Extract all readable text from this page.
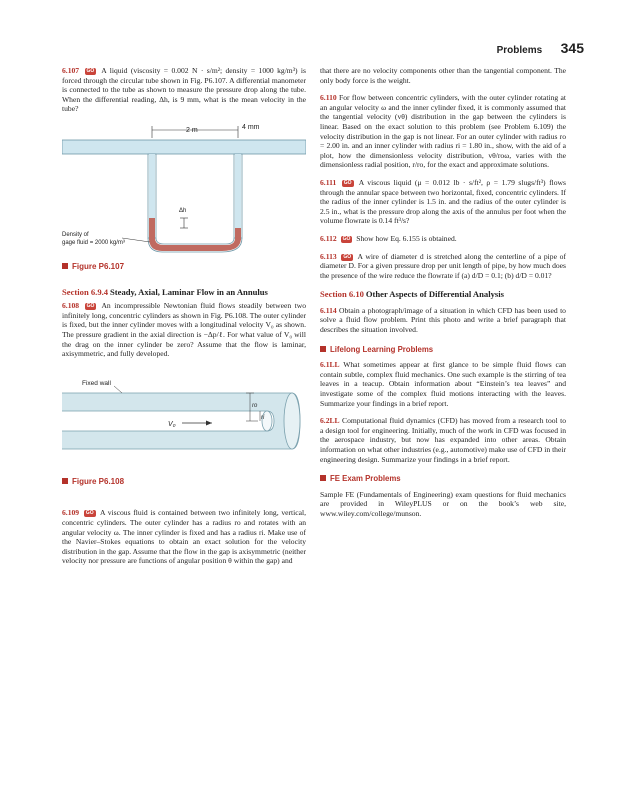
Problems 345

6.107 GO A liquid (viscosity = 0.002 N · s/m²; density = 1000 kg/m³) is forced through the circular tube shown in Fig. P6.107. A differential manometer is connected to the tube as shown to measure the pressure drop along the tube. When the differential reading, Δh, is 9 mm, what is the mean velocity in the tube?

2 m	4 mm
Δh
Density of
gage fluid = 2000 kg/m³
Figure P6.107

Section 6.9.4 Steady, Axial, Laminar Flow in an Annulus

6.108 GO An incompressible Newtonian fluid flows steadily between two infinitely long, concentric cylinders as shown in Fig. P6.108. The outer cylinder is fixed, but the inner cylinder moves with a longitudinal velocity V₀ as shown. The pressure gradient in the axial direction is −Δp/ℓ. For what value of V₀ will the drag on the inner cylinder be zero? Assume that the flow is laminar, axisymmetric, and fully developed.

Fixed wall
V₀
ro
ri
Figure P6.108

6.109 GO A viscous fluid is contained between two infinitely long, vertical, concentric cylinders. The outer cylinder has a radius ro and rotates with an angular velocity ω. The inner cylinder is fixed and has a radius ri. Make use of the Navier–Stokes equations to obtain an exact solution for the velocity distribution in the gap. Assume that the flow in the gap is axisymmetric (neither velocity nor pressure are functions of angular position θ within the gap) and

that there are no velocity components other than the tangential component. The only body force is the weight.

6.110 For flow between concentric cylinders, with the outer cylinder rotating at an angular velocity ω and the inner cylinder fixed, it is commonly assumed that the tangential velocity (vθ) distribution in the gap between the cylinders is linear. Based on the exact solution to this problem (see Problem 6.109) the velocity distribution in the gap is not linear. For an outer cylinder with radius ro = 2.00 in. and an inner cylinder with radius ri = 1.80 in., show, with the aid of a plot, how the dimensionless velocity distribution, vθ/roω, varies with the dimensionless radial position, r/ro, for the exact and approximate solutions.

6.111 GO A viscous liquid (μ = 0.012 lb · s/ft², ρ = 1.79 slugs/ft³) flows through the annular space between two horizontal, fixed, concentric cylinders. If the radius of the inner cylinder is 1.5 in. and the radius of the outer cylinder is 2.5 in., what is the pressure drop along the axis of the annulus per foot when the volume flowrate is 0.14 ft³/s?

6.112 GO Show how Eq. 6.155 is obtained.

6.113 GO A wire of diameter d is stretched along the centerline of a pipe of diameter D. For a given pressure drop per unit length of pipe, by how much does the presence of the wire reduce the flowrate if (a) d/D = 0.1; (b) d/D = 0.01?

Section 6.10 Other Aspects of Differential Analysis

6.114 Obtain a photograph/image of a situation in which CFD has been used to solve a fluid flow problem. Print this photo and write a brief paragraph that describes the situation involved.

Lifelong Learning Problems

6.1LL What sometimes appear at first glance to be simple fluid flows can contain subtle, complex fluid mechanics. One such example is the stirring of tea leaves in a teacup. Obtain information about “Einstein’s tea leaves” and investigate some of the complex fluid motions interacting with the leaves. Summarize your findings in a brief report.

6.2LL Computational fluid dynamics (CFD) has moved from a research tool to a design tool for engineering. Initially, much of the work in CFD was focused in the aerospace industry, but now has expanded into other areas. Obtain information on what other industries (e.g., automotive) make use of CFD in their engineering design. Summarize your findings in a brief report.

FE Exam Problems

Sample FE (Fundamentals of Engineering) exam questions for fluid mechanics are provided in WileyPLUS or on the book’s web site, www.wiley.com/college/munson.
